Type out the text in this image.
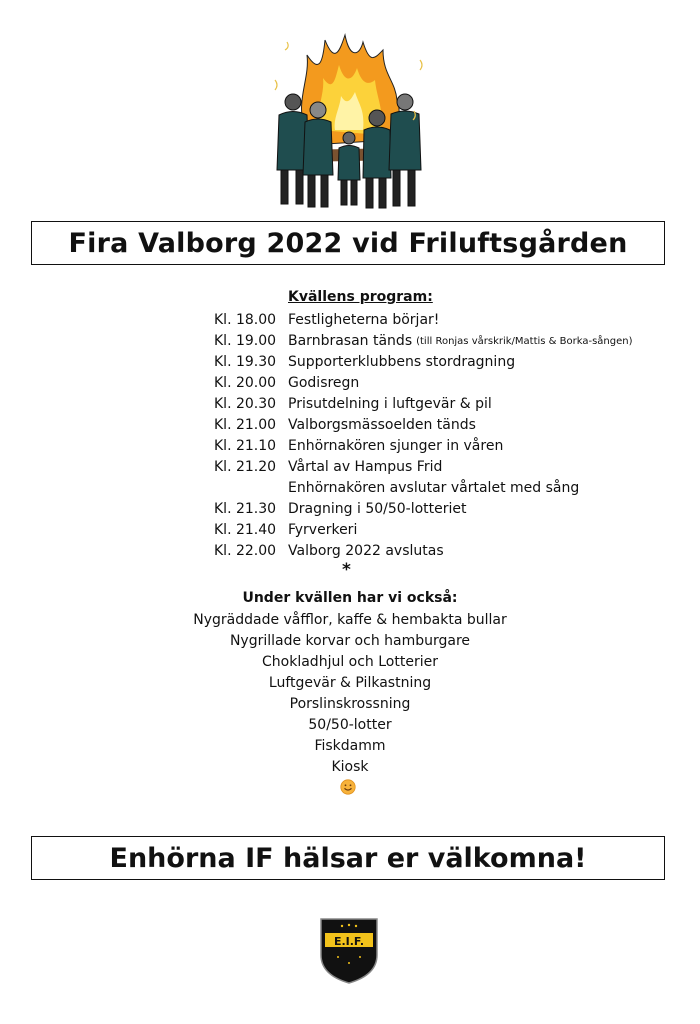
Fira Valborg 2022 vid Friluftsgården
Kvällens program:
Kl. 18.00 Festligheterna börjar!
Kl. 19.00 Barnbrasan tänds (till Ronjas vårskrik/Mattis & Borka-sången)
Kl. 19.30 Supporterklubbens stordragning
Kl. 20.00 Godisregn
Kl. 20.30 Prisutdelning i luftgevär & pil
Kl. 21.00 Valborgsmässoelden tänds
Kl. 21.10 Enhörnakören sjunger in våren
Kl. 21.20 Vårtal av Hampus Frid
Enhörnakören avslutar vårtalet med sång
Kl. 21.30 Dragning i 50/50-lotteriet
Kl. 21.40 Fyrverkeri
Kl. 22.00 Valborg 2022 avslutas
*
Under kvällen har vi också:
Nygräddade våfflor, kaffe & hembakta bullar
Nygrillade korvar och hamburgare
Chokladhjul och Lotterier
Luftgevär & Pilkastning
Porslinskrossning
50/50-lotter
Fiskdamm
Kiosk
Enhörna IF hälsar er välkomna!
E.I.F.
